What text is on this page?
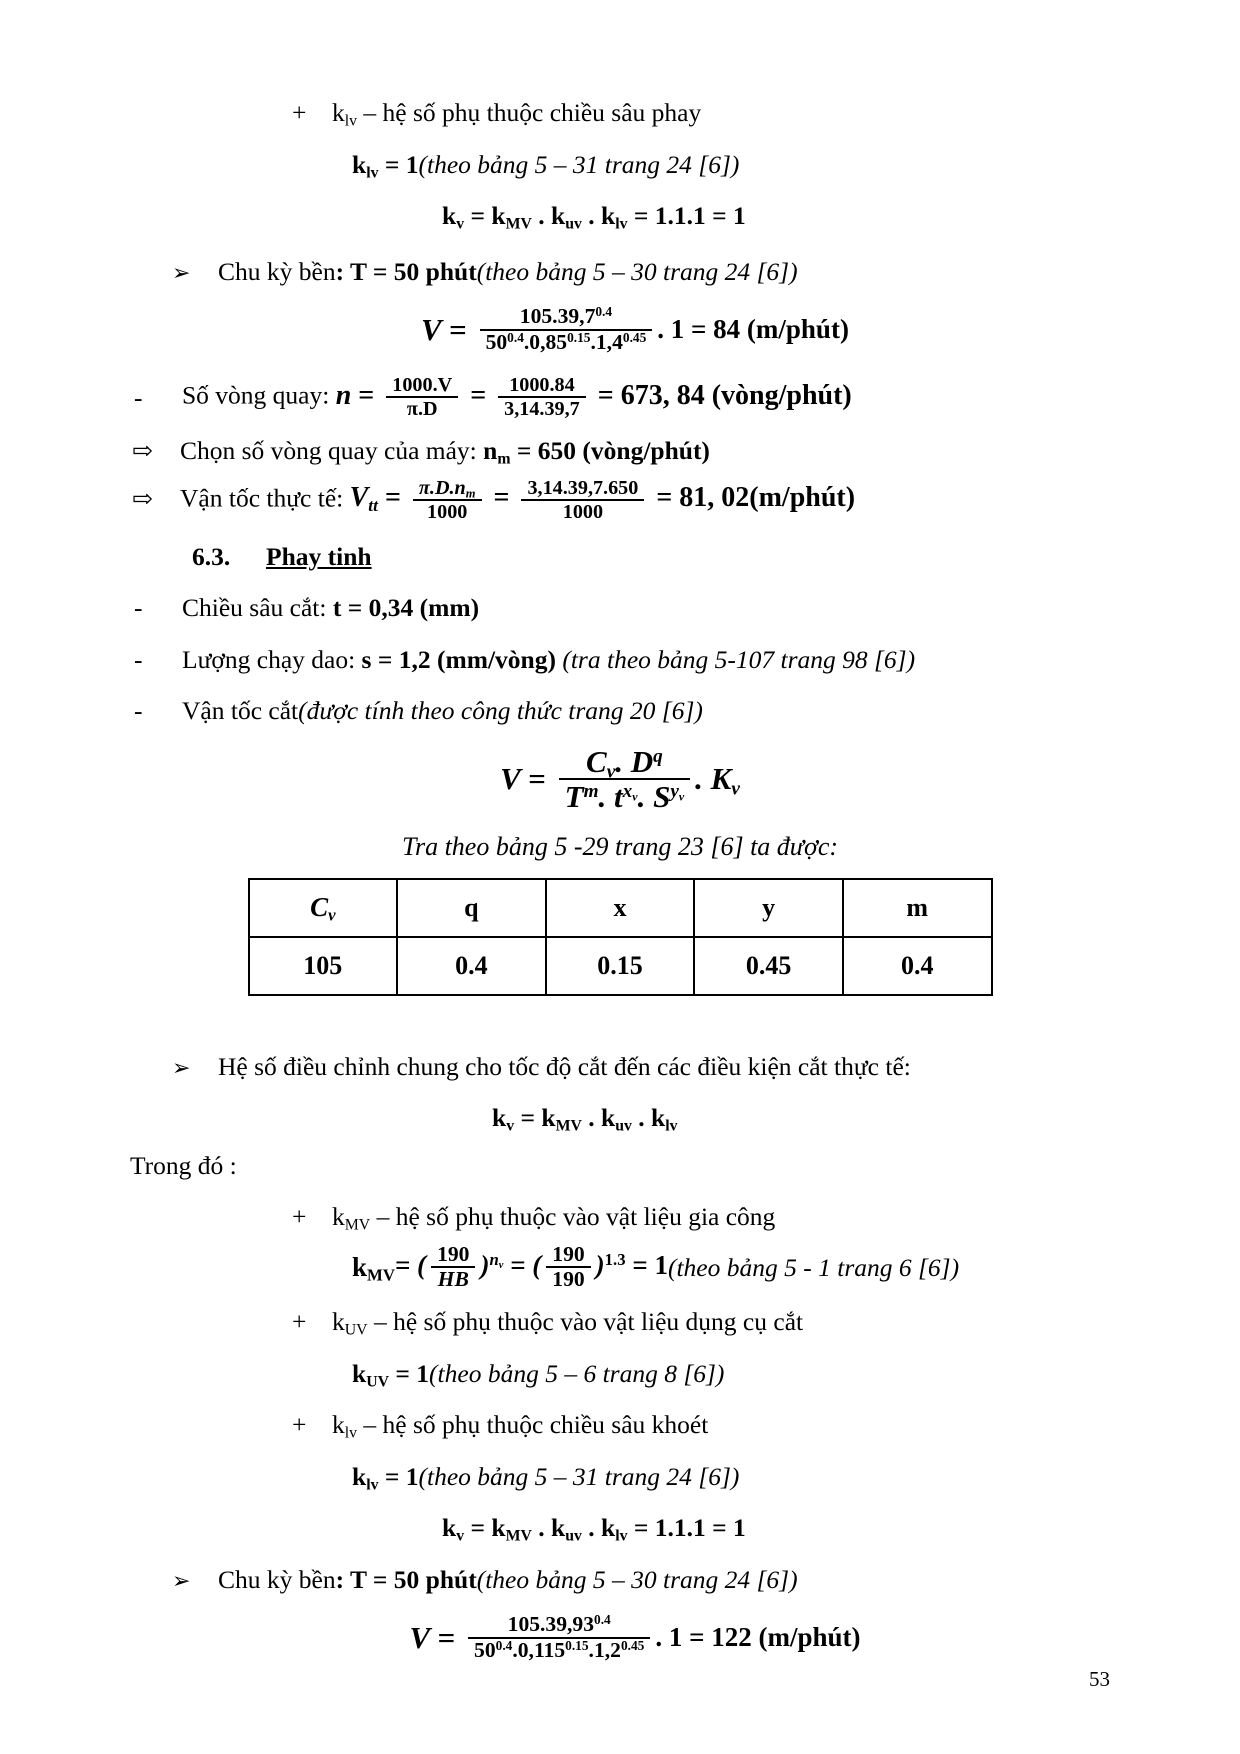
+	$k_{lv}$ – hệ số phụ thuộc chiều sâu phay
$k_{lv}$ = 1(theo bảng 5 – 31 trang 24 [6])
$k_v = k_{MV}$ . $k_{uv}$ . $k_{lv} = 1.1.1 = 1$
➢	Chu kỳ bền: T = 50 phút(theo bảng 5 – 30 trang 24 [6])
$V = \frac{105.39,7^{0.4}}{50^{0.4}.0,85^{0.15}.1,4^{0.45}}$ . 1 = 84 (m/phút)
-	Số vòng quay: $n = \frac{1000.V}{\pi.D} = \frac{1000.84}{3,14.39,7} = 673$, 84 (vòng/phút)
⇨	Chọn số vòng quay của máy: $n_m = 650$ (vòng/phút)
⇨	Vận tốc thực tế: $V_{tt} = \frac{\pi.D.n_m}{1000} = \frac{3,14.39,7.650}{1000} = 81$, 02(m/phút)
6.3.	Phay tinh
-	Chiều sâu cắt: t = 0,34 (mm)
-	Lượng chạy dao: s = 1,2 (mm/vòng) (tra theo bảng 5-107 trang 98 [6])
-	Vận tốc cắt(được tính theo công thức trang 20 [6])
$V = \frac{C_v. D^q}{T^m. t^{x_v}. S^{y_v}}$ . $K_v$
Tra theo bảng 5 -29 trang 23 [6] ta được:
$C_v$	q	x	y	m
105	0.4	0.15	0.45	0.4
➢	Hệ số điều chỉnh chung cho tốc độ cắt đến các điều kiện cắt thực tế:
$k_v = k_{MV}$ . $k_{uv}$ . $k_{lv}$
Trong đó :
+	$k_{MV}$ – hệ số phụ thuộc vào vật liệu gia công
$k_{MV}$ = ( $\frac{190}{HB} )^{n_v}$ = ( $\frac{190}{190} )^{1.3} = 1$ (theo bảng 5 - 1 trang 6 [6])
+	$k_{UV}$ – hệ số phụ thuộc vào vật liệu dụng cụ cắt
$k_{UV}$ = 1(theo bảng 5 – 6 trang 8 [6])
+	$k_{lv}$ – hệ số phụ thuộc chiều sâu khoét
$k_{lv}$ = 1(theo bảng 5 – 31 trang 24 [6])
$k_v = k_{MV}$ . $k_{uv}$ . $k_{lv} = 1.1.1 = 1$
➢	Chu kỳ bền: T = 50 phút(theo bảng 5 – 30 trang 24 [6])
$V = \frac{105.39,93^{0.4}}{50^{0.4}.0,115^{0.15}.1,2^{0.45}}$ . 1 = 122 (m/phút)
53
